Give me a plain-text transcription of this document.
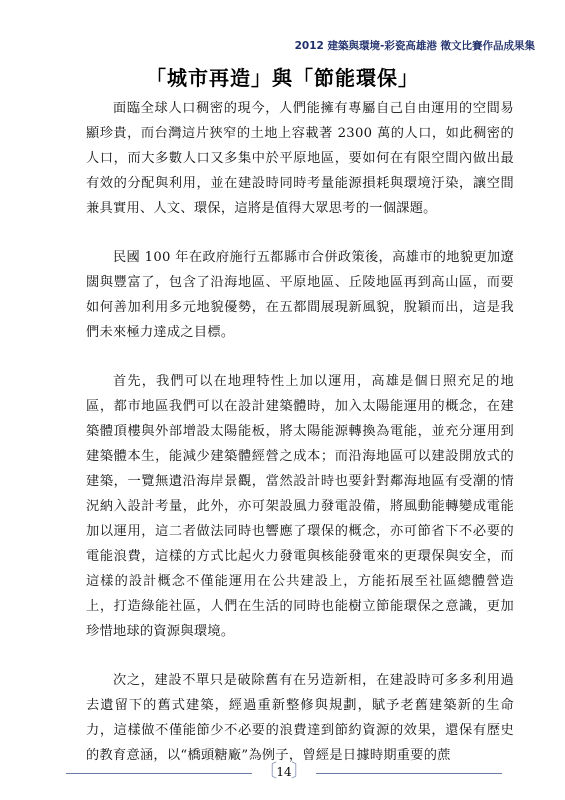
2012 建築與環境-彩瓷高雄港 徵文比賽作品成果集
「城市再造」與「節能環保」

面臨全球人口稠密的現今，人們能擁有專屬自己自由運用的空間易顯珍貴，而台灣這片狹窄的土地上容載著 2300 萬的人口，如此稠密的人口，而大多數人口又多集中於平原地區，要如何在有限空間內做出最有效的分配與利用，並在建設時同時考量能源損耗與環境汙染，讓空間兼具實用、人文、環保，這將是值得大眾思考的一個課題。

民國 100 年在政府施行五都縣市合併政策後，高雄市的地貌更加遼闊與豐富了，包含了沿海地區、平原地區、丘陵地區再到高山區，而要如何善加利用多元地貌優勢，在五都間展現新風貌，脫穎而出，這是我們未來極力達成之目標。

首先，我們可以在地理特性上加以運用，高雄是個日照充足的地區，都市地區我們可以在設計建築體時，加入太陽能運用的概念，在建築體頂樓與外部增設太陽能板，將太陽能源轉換為電能，並充分運用到建築體本生，能減少建築體經營之成本；而沿海地區可以建設開放式的建築，一覽無遺沿海岸景觀，當然設計時也要針對鄰海地區有受潮的情況納入設計考量，此外，亦可架設風力發電設備，將風動能轉變成電能加以運用，這二者做法同時也響應了環保的概念，亦可節省下不必要的電能浪費，這樣的方式比起火力發電與核能發電來的更環保與安全，而這樣的設計概念不僅能運用在公共建設上，方能拓展至社區總體營造上，打造綠能社區，人們在生活的同時也能樹立節能環保之意識，更加珍惜地球的資源與環境。

次之，建設不單只是破除舊有在另造新相，在建設時可多多利用過去遺留下的舊式建築，經過重新整修與規劃，賦予老舊建築新的生命力，這樣做不僅能節少不必要的浪費達到節約資源的效果，還保有歷史的教育意涵，以“橋頭糖廠”為例子，曾經是日據時期重要的蔗

〔 14 〕
